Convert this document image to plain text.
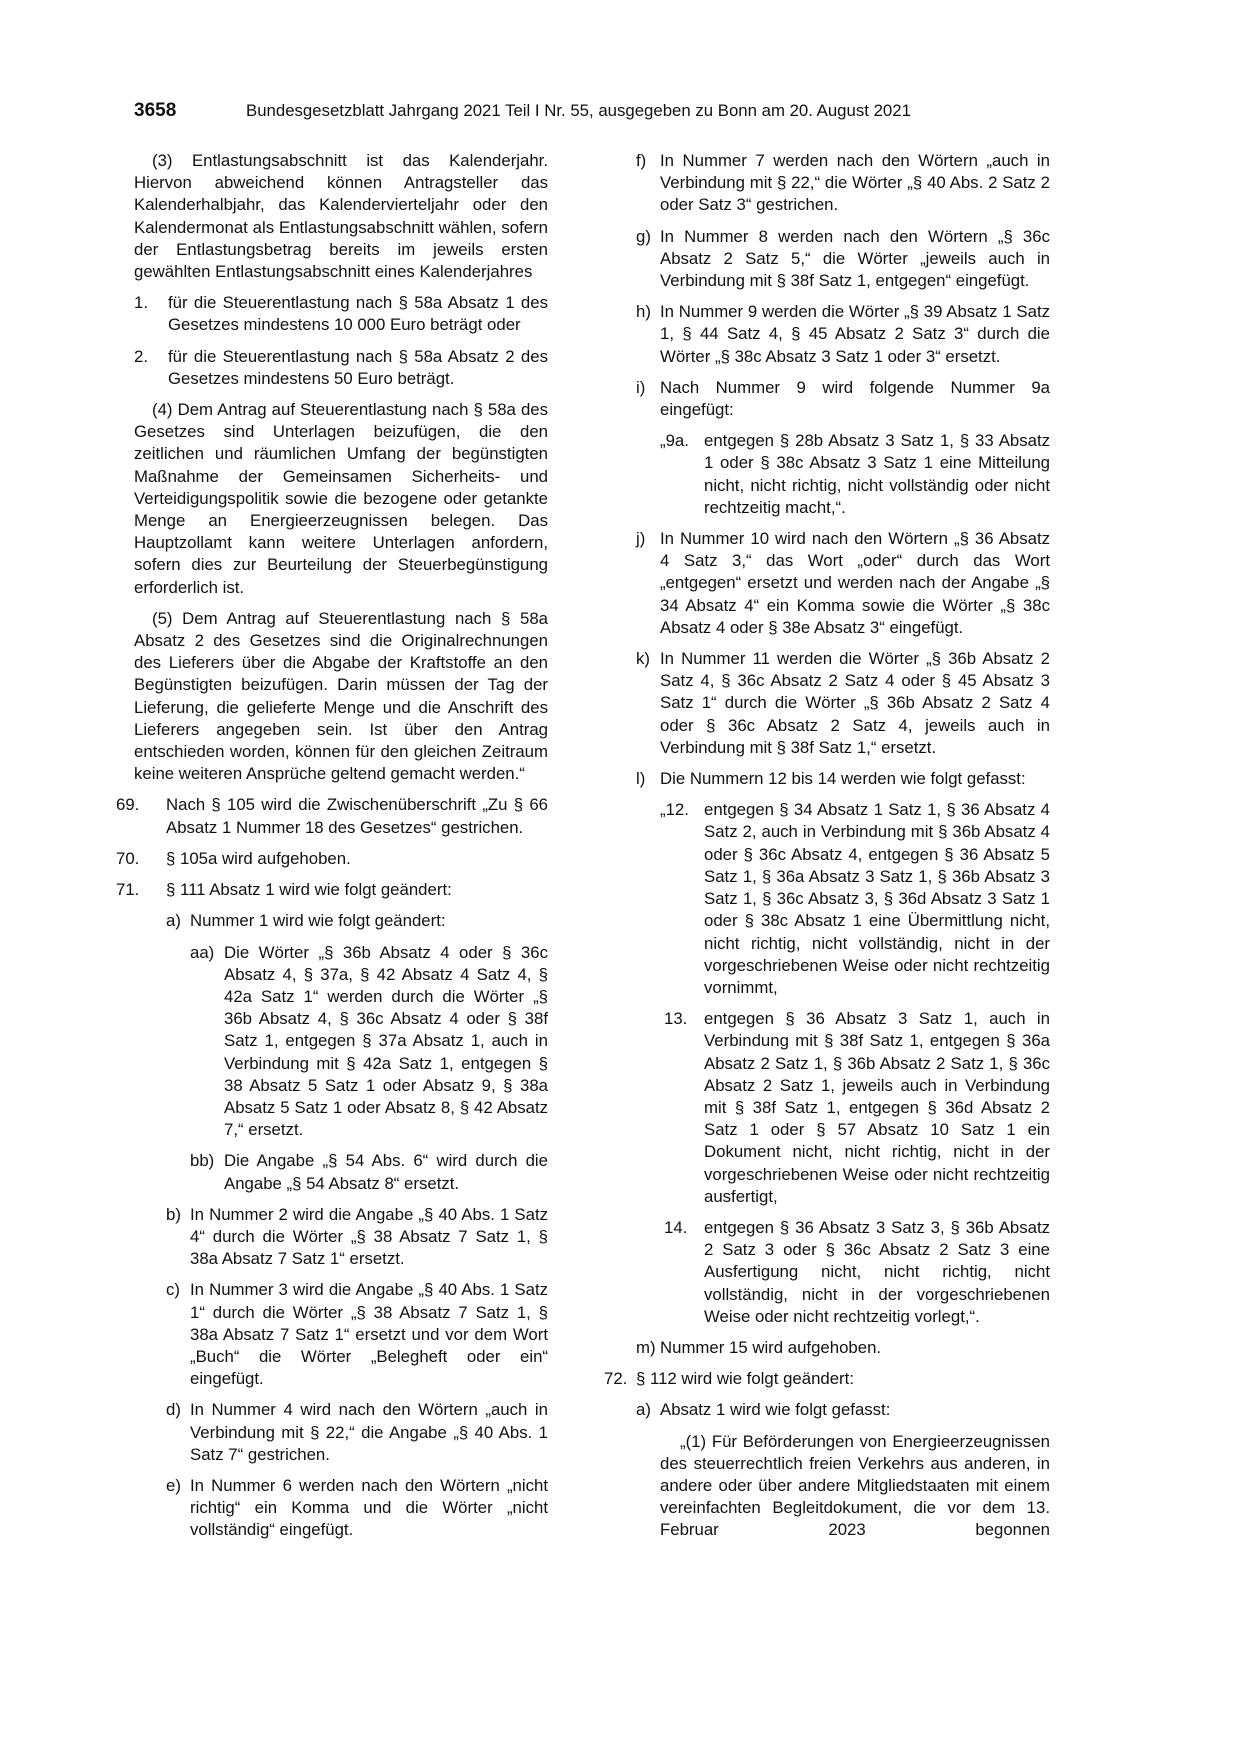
3658	Bundesgesetzblatt Jahrgang 2021 Teil I Nr. 55, ausgegeben zu Bonn am 20. August 2021

(3) Entlastungsabschnitt ist das Kalenderjahr. Hiervon abweichend können Antragsteller das Kalenderhalbjahr, das Kalendervierteljahr oder den Kalendermonat als Entlastungsabschnitt wählen, sofern der Entlastungsbetrag bereits im jeweils ersten gewählten Entlastungsabschnitt eines Kalenderjahres

1.	für die Steuerentlastung nach § 58a Absatz 1 des Gesetzes mindestens 10 000 Euro beträgt oder
2.	für die Steuerentlastung nach § 58a Absatz 2 des Gesetzes mindestens 50 Euro beträgt.

(4) Dem Antrag auf Steuerentlastung nach § 58a des Gesetzes sind Unterlagen beizufügen, die den zeitlichen und räumlichen Umfang der begünstigten Maßnahme der Gemeinsamen Sicherheits- und Verteidigungspolitik sowie die bezogene oder getankte Menge an Energieerzeugnissen belegen. Das Hauptzollamt kann weitere Unterlagen anfordern, sofern dies zur Beurteilung der Steuerbegünstigung erforderlich ist.

(5) Dem Antrag auf Steuerentlastung nach § 58a Absatz 2 des Gesetzes sind die Originalrechnungen des Lieferers über die Abgabe der Kraftstoffe an den Begünstigten beizufügen. Darin müssen der Tag der Lieferung, die gelieferte Menge und die Anschrift des Lieferers angegeben sein. Ist über den Antrag entschieden worden, können für den gleichen Zeitraum keine weiteren Ansprüche geltend gemacht werden.“

69.	Nach § 105 wird die Zwischenüberschrift „Zu § 66 Absatz 1 Nummer 18 des Gesetzes“ gestrichen.
70.	§ 105a wird aufgehoben.
71.	§ 111 Absatz 1 wird wie folgt geändert:
a) Nummer 1 wird wie folgt geändert:
aa) Die Wörter „§ 36b Absatz 4 oder § 36c Absatz 4, § 37a, § 42 Absatz 4 Satz 4, § 42a Satz 1“ werden durch die Wörter „§ 36b Absatz 4, § 36c Absatz 4 oder § 38f Satz 1, entgegen § 37a Absatz 1, auch in Verbindung mit § 42a Satz 1, entgegen § 38 Absatz 5 Satz 1 oder Absatz 9, § 38a Absatz 5 Satz 1 oder Absatz 8, § 42 Absatz 7,“ ersetzt.
bb) Die Angabe „§ 54 Abs. 6“ wird durch die Angabe „§ 54 Absatz 8“ ersetzt.
b) In Nummer 2 wird die Angabe „§ 40 Abs. 1 Satz 4“ durch die Wörter „§ 38 Absatz 7 Satz 1, § 38a Absatz 7 Satz 1“ ersetzt.
c) In Nummer 3 wird die Angabe „§ 40 Abs. 1 Satz 1“ durch die Wörter „§ 38 Absatz 7 Satz 1, § 38a Absatz 7 Satz 1“ ersetzt und vor dem Wort „Buch“ die Wörter „Belegheft oder ein“ eingefügt.
d) In Nummer 4 wird nach den Wörtern „auch in Verbindung mit § 22,“ die Angabe „§ 40 Abs. 1 Satz 7“ gestrichen.
e) In Nummer 6 werden nach den Wörtern „nicht richtig“ ein Komma und die Wörter „nicht vollständig“ eingefügt.
f) In Nummer 7 werden nach den Wörtern „auch in Verbindung mit § 22,“ die Wörter „§ 40 Abs. 2 Satz 2 oder Satz 3“ gestrichen.
g) In Nummer 8 werden nach den Wörtern „§ 36c Absatz 2 Satz 5,“ die Wörter „jeweils auch in Verbindung mit § 38f Satz 1, entgegen“ eingefügt.
h) In Nummer 9 werden die Wörter „§ 39 Absatz 1 Satz 1, § 44 Satz 4, § 45 Absatz 2 Satz 3“ durch die Wörter „§ 38c Absatz 3 Satz 1 oder 3“ ersetzt.
i) Nach Nummer 9 wird folgende Nummer 9a eingefügt:
„9a. entgegen § 28b Absatz 3 Satz 1, § 33 Absatz 1 oder § 38c Absatz 3 Satz 1 eine Mitteilung nicht, nicht richtig, nicht vollständig oder nicht rechtzeitig macht,“.
j) In Nummer 10 wird nach den Wörtern „§ 36 Absatz 4 Satz 3,“ das Wort „oder“ durch das Wort „entgegen“ ersetzt und werden nach der Angabe „§ 34 Absatz 4“ ein Komma sowie die Wörter „§ 38c Absatz 4 oder § 38e Absatz 3“ eingefügt.
k) In Nummer 11 werden die Wörter „§ 36b Absatz 2 Satz 4, § 36c Absatz 2 Satz 4 oder § 45 Absatz 3 Satz 1“ durch die Wörter „§ 36b Absatz 2 Satz 4 oder § 36c Absatz 2 Satz 4, jeweils auch in Verbindung mit § 38f Satz 1,“ ersetzt.
l) Die Nummern 12 bis 14 werden wie folgt gefasst:
„12. entgegen § 34 Absatz 1 Satz 1, § 36 Absatz 4 Satz 2, auch in Verbindung mit § 36b Absatz 4 oder § 36c Absatz 4, entgegen § 36 Absatz 5 Satz 1, § 36a Absatz 3 Satz 1, § 36b Absatz 3 Satz 1, § 36c Absatz 3, § 36d Absatz 3 Satz 1 oder § 38c Absatz 1 eine Übermittlung nicht, nicht richtig, nicht vollständig, nicht in der vorgeschriebenen Weise oder nicht rechtzeitig vornimmt,
13. entgegen § 36 Absatz 3 Satz 1, auch in Verbindung mit § 38f Satz 1, entgegen § 36a Absatz 2 Satz 1, § 36b Absatz 2 Satz 1, § 36c Absatz 2 Satz 1, jeweils auch in Verbindung mit § 38f Satz 1, entgegen § 36d Absatz 2 Satz 1 oder § 57 Absatz 10 Satz 1 ein Dokument nicht, nicht richtig, nicht in der vorgeschriebenen Weise oder nicht rechtzeitig ausfertigt,
14. entgegen § 36 Absatz 3 Satz 3, § 36b Absatz 2 Satz 3 oder § 36c Absatz 2 Satz 3 eine Ausfertigung nicht, nicht richtig, nicht vollständig, nicht in der vorgeschriebenen Weise oder nicht rechtzeitig vorlegt,“.
m) Nummer 15 wird aufgehoben.
72. § 112 wird wie folgt geändert:
a) Absatz 1 wird wie folgt gefasst:

„(1) Für Beförderungen von Energieerzeugnissen des steuerrechtlich freien Verkehrs aus anderen, in andere oder über andere Mitgliedstaaten mit einem vereinfachten Begleitdokument, die vor dem 13. Februar 2023 begonnen
